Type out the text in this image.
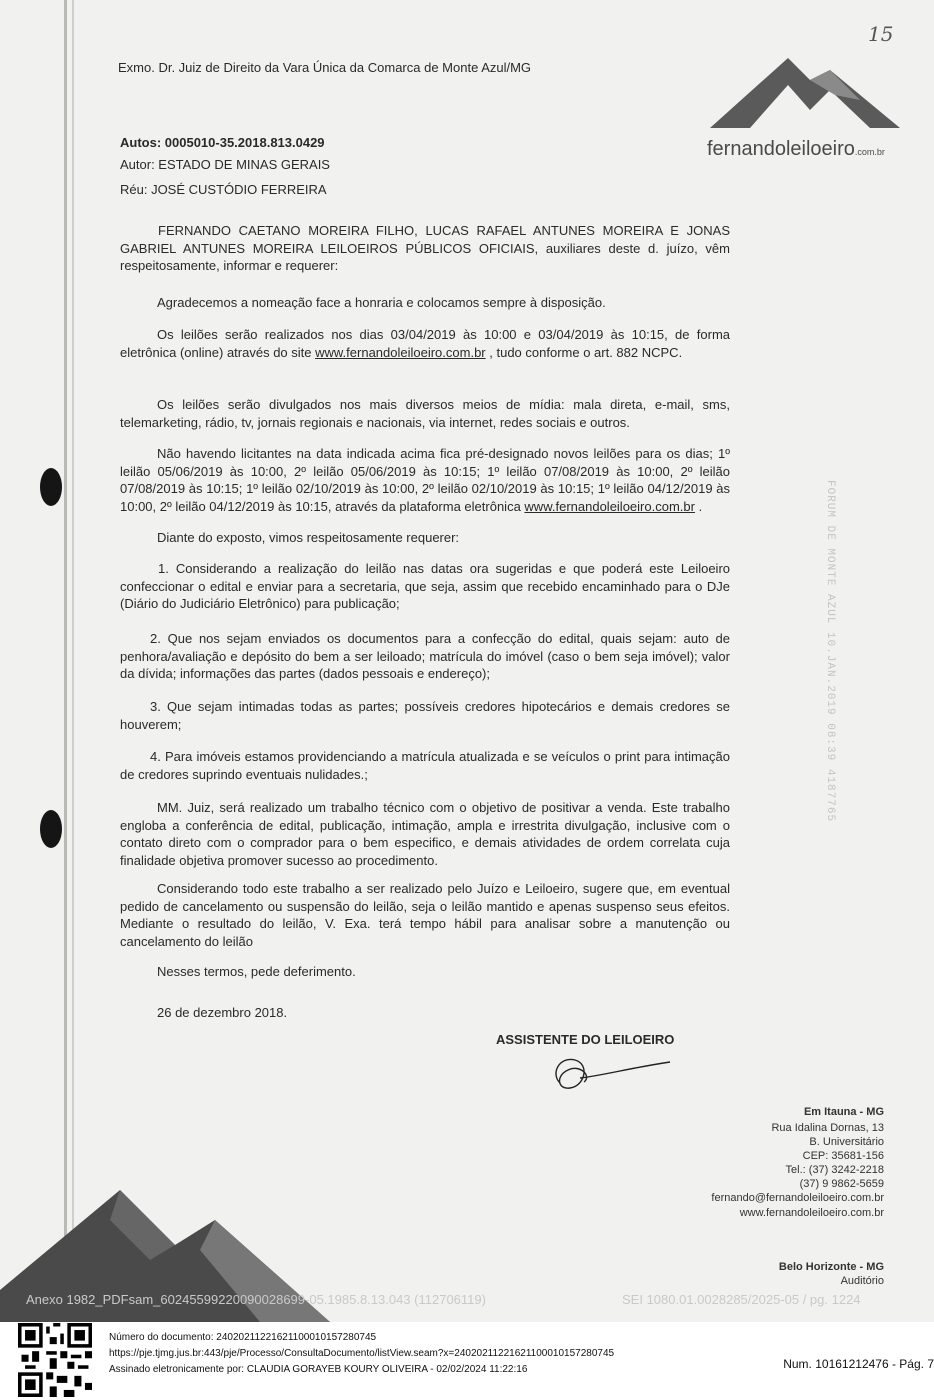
fernandoleiloeiro.com.br
15
Exmo. Dr. Juiz de Direito da Vara Única da Comarca de Monte Azul/MG
Autos: 0005010-35.2018.813.0429
Autor: ESTADO DE MINAS GERAIS
Réu: JOSÉ CUSTÓDIO FERREIRA
FERNANDO CAETANO MOREIRA FILHO, LUCAS RAFAEL ANTUNES MOREIRA E JONAS GABRIEL ANTUNES MOREIRA LEILOEIROS PÚBLICOS OFICIAIS, auxiliares deste d. juízo, vêm respeitosamente, informar e requerer:
Agradecemos a nomeação face a honraria e colocamos sempre à disposição.
Os leilões serão realizados nos dias 03/04/2019 às 10:00 e 03/04/2019 às 10:15, de forma eletrônica (online) através do site www.fernandoleiloeiro.com.br , tudo conforme o art. 882 NCPC.
Os leilões serão divulgados nos mais diversos meios de mídia: mala direta, e-mail, sms, telemarketing, rádio, tv, jornais regionais e nacionais, via internet, redes sociais e outros.
Não havendo licitantes na data indicada acima fica pré-designado novos leilões para os dias; 1º leilão 05/06/2019 às 10:00, 2º leilão 05/06/2019 às 10:15; 1º leilão 07/08/2019 às 10:00, 2º leilão 07/08/2019 às 10:15; 1º leilão 02/10/2019 às 10:00, 2º leilão 02/10/2019 às 10:15; 1º leilão 04/12/2019 às 10:00, 2º leilão 04/12/2019 às 10:15, através da plataforma eletrônica www.fernandoleiloeiro.com.br .
Diante do exposto, vimos respeitosamente requerer:
1. Considerando a realização do leilão nas datas ora sugeridas e que poderá este Leiloeiro confeccionar o edital e enviar para a secretaria, que seja, assim que recebido encaminhado para o DJe (Diário do Judiciário Eletrônico) para publicação;
2. Que nos sejam enviados os documentos para a confecção do edital, quais sejam: auto de penhora/avaliação e depósito do bem a ser leiloado; matrícula do imóvel (caso o bem seja imóvel); valor da dívida; informações das partes (dados pessoais e endereço);
3. Que sejam intimadas todas as partes; possíveis credores hipotecários e demais credores se houverem;
4. Para imóveis estamos providenciando a matrícula atualizada e se veículos o print para intimação de credores suprindo eventuais nulidades.;
MM. Juiz, será realizado um trabalho técnico com o objetivo de positivar a venda. Este trabalho engloba a conferência de edital, publicação, intimação, ampla e irrestrita divulgação, inclusive com o contato direto com o comprador para o bem especifico, e demais atividades de ordem correlata cuja finalidade objetiva promover sucesso ao procedimento.
Considerando todo este trabalho a ser realizado pelo Juízo e Leiloeiro, sugere que, em eventual pedido de cancelamento ou suspensão do leilão, seja o leilão mantido e apenas suspenso seus efeitos. Mediante o resultado do leilão, V. Exa. terá tempo hábil para analisar sobre a manutenção ou cancelamento do leilão
Nesses termos, pede deferimento.
26 de dezembro 2018.
ASSISTENTE DO LEILOEIRO
FORUM DE MONTE AZUL 10.JAN.2019 08:39 4187765
Em Itauna - MG
Rua Idalina Dornas, 13
B. Universitário
CEP: 35681-156
Tel.: (37) 3242-2218
(37) 9 9862-5659
fernando@fernandoleiloeiro.com.br
www.fernandoleiloeiro.com.br
Belo Horizonte - MG
Auditório
Anexo 1982_PDFsam_60245599220090028699-05.1985.8.13.043 (112706119)	SEI 1080.01.0028285/2025-05 / pg. 1224
Número do documento: 24020211221621100010157280745
https://pje.tjmg.jus.br:443/pje/Processo/ConsultaDocumento/listView.seam?x=24020211221621100010157280745
Assinado eletronicamente por: CLAUDIA GORAYEB KOURY OLIVEIRA - 02/02/2024 11:22:16	Num. 10161212476 - Pág. 7
